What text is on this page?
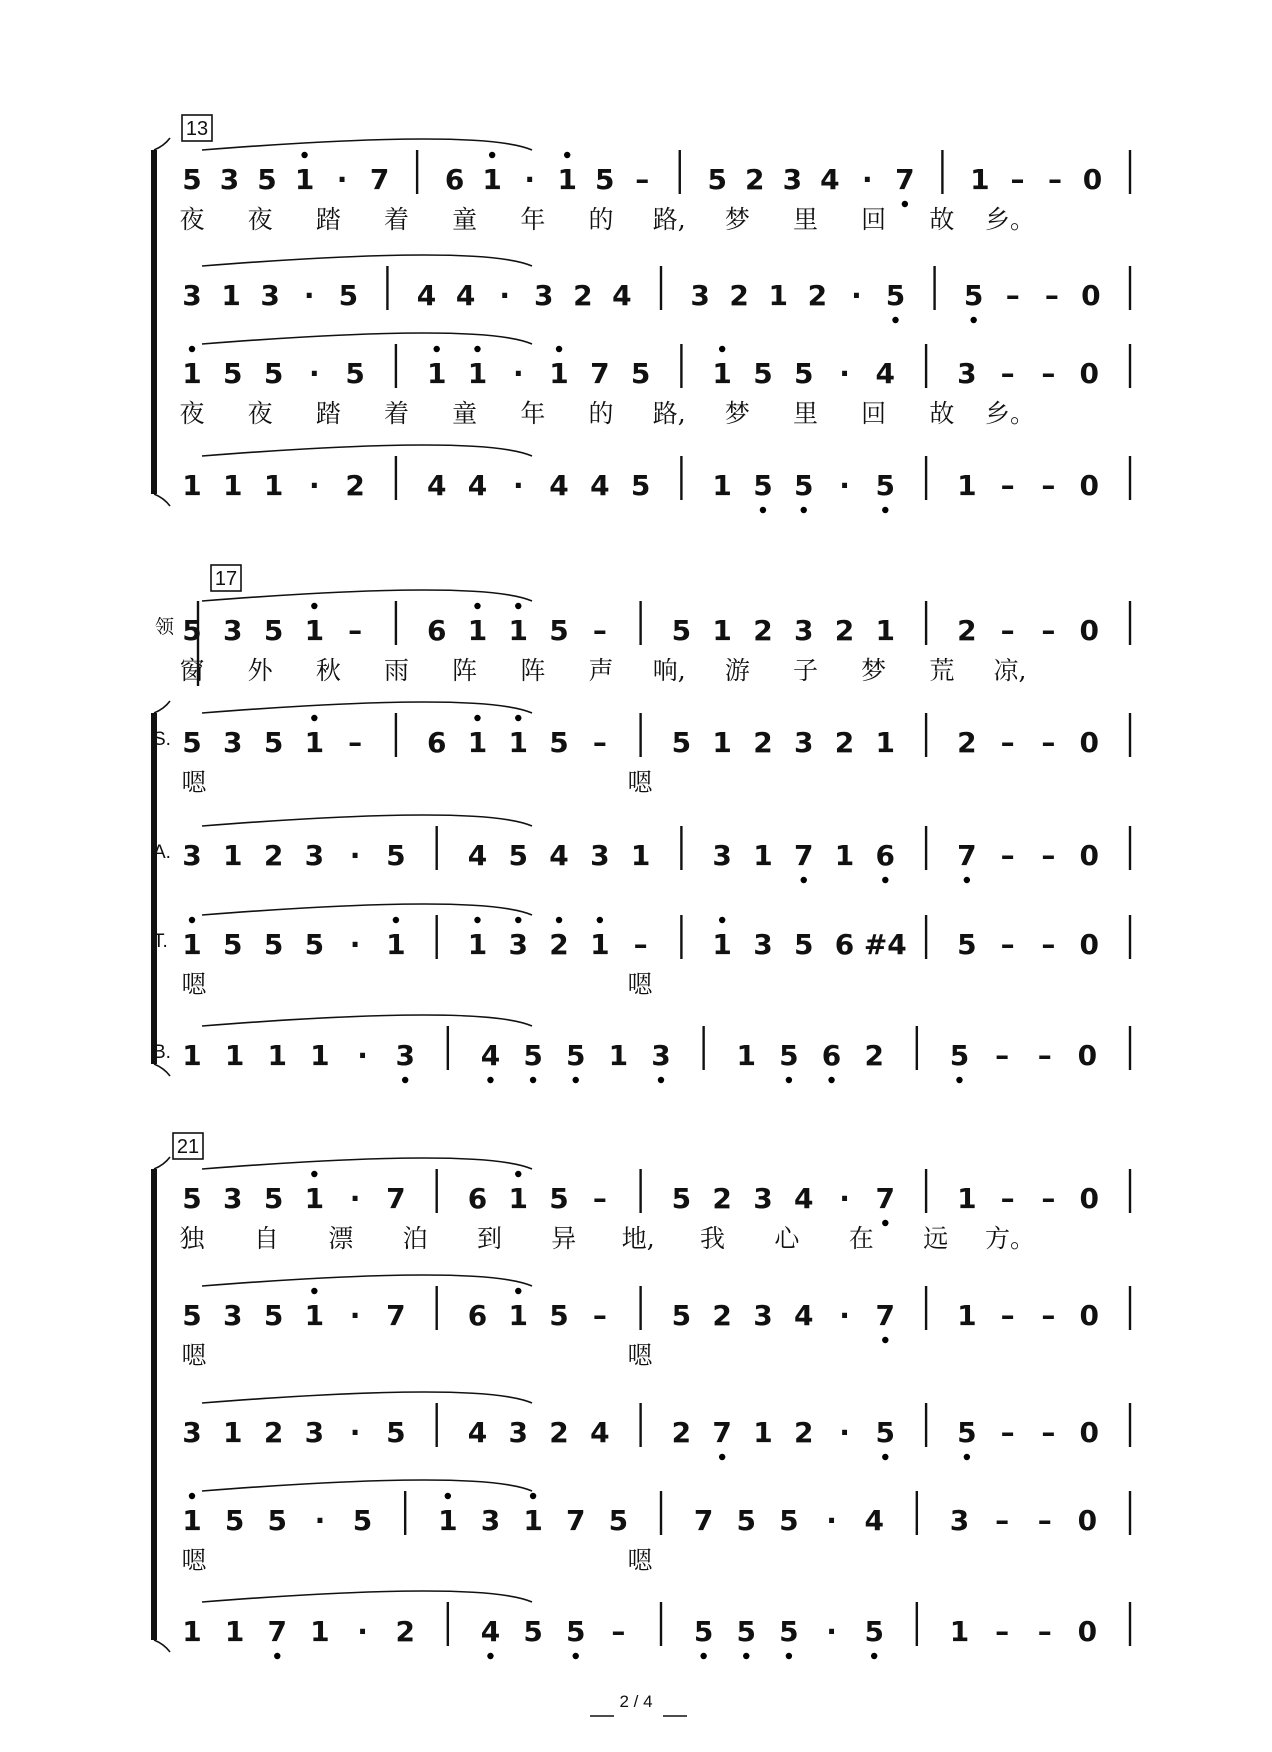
13
5 3 5 1 · 7 6 1 · 1 5 – 5 2 3 4 · 7 1 – – 0
夜 夜 踏 着 童 年 的 路, 梦 里 回 故 乡。
3 1 3 · 5 4 4 · 3 2 4 3 2 1 2 · 5 5 – – 0
1 5 5 · 5 1 1 · 1 7 5 1 5 5 · 4 3 – – 0
夜 夜 踏 着 童 年 的 路, 梦 里 回 故 乡。
1 1 1 · 2 4 4 · 4 4 5 1 5 5 · 5 1 – – 0
17
领 5 3 5 1 – 6 1 1 5 – 5 1 2 3 2 1 2 – – 0
窗 外 秋 雨 阵 阵 声 响, 游 子 梦 荒 凉,
S. 5 3 5 1 – 6 1 1 5 – 5 1 2 3 2 1 2 – – 0
嗯	嗯
A. 3 1 2 3 · 5 4 5 4 3 1 3 1 7 1 6 7 – – 0
T. 1 5 5 5 · 1 1 3 2 1 – 1 3 5 6 #4 5 – – 0
嗯	嗯
B. 1 1 1 1 · 3 4 5 5 1 3 1 5 6 2 5 – – 0
21
5 3 5 1 · 7 6 1 5 – 5 2 3 4 · 7 1 – – 0
独 自 漂 泊 到 异 地, 我 心 在 远 方。
5 3 5 1 · 7 6 1 5 – 5 2 3 4 · 7 1 – – 0
嗯	嗯
3 1 2 3 · 5 4 3 2 4 2 7 1 2 · 5 5 – – 0
1 5 5 · 5 1 3 1 7 5 7 5 5 · 4 3 – – 0
嗯	嗯
1 1 7 1 · 2 4 5 5 – 5 5 5 · 5 1 – – 0
2 / 4
